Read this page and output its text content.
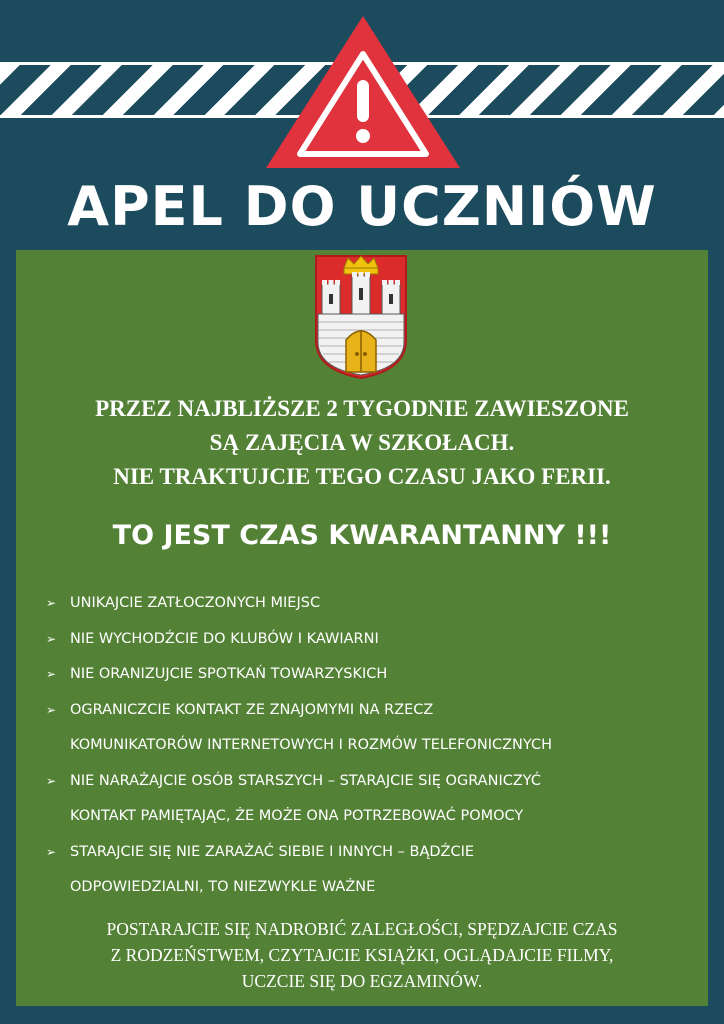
APEL DO UCZNIÓW
PRZEZ NAJBLIŻSZE 2 TYGODNIE ZAWIESZONE
SĄ ZAJĘCIA W SZKOŁACH.
NIE TRAKTUJCIE TEGO CZASU JAKO FERII.
TO JEST CZAS KWARANTANNY !!!
➢ UNIKAJCIE ZATŁOCZONYCH MIEJSC
➢ NIE WYCHODŹCIE DO KLUBÓW I KAWIARNI
➢ NIE ORANIZUJCIE SPOTKAŃ TOWARZYSKICH
➢ OGRANICZCIE KONTAKT ZE ZNAJOMYMI NA RZECZ
KOMUNIKATORÓW INTERNETOWYCH I ROZMÓW TELEFONICZNYCH
➢ NIE NARAŻAJCIE OSÓB STARSZYCH – STARAJCIE SIĘ OGRANICZYĆ
KONTAKT PAMIĘTAJĄC, ŻE MOŻE ONA POTRZEBOWAĆ POMOCY
➢ STARAJCIE SIĘ NIE ZARAŻAĆ SIEBIE I INNYCH – BĄDŹCIE
ODPOWIEDZIALNI, TO NIEZWYKLE WAŻNE
POSTARAJCIE SIĘ NADROBIĆ ZALEGŁOŚCI, SPĘDZAJCIE CZAS
Z RODZEŃSTWEM, CZYTAJCIE KSIĄŻKI, OGLĄDAJCIE FILMY,
UCZCIE SIĘ DO EGZAMINÓW.
